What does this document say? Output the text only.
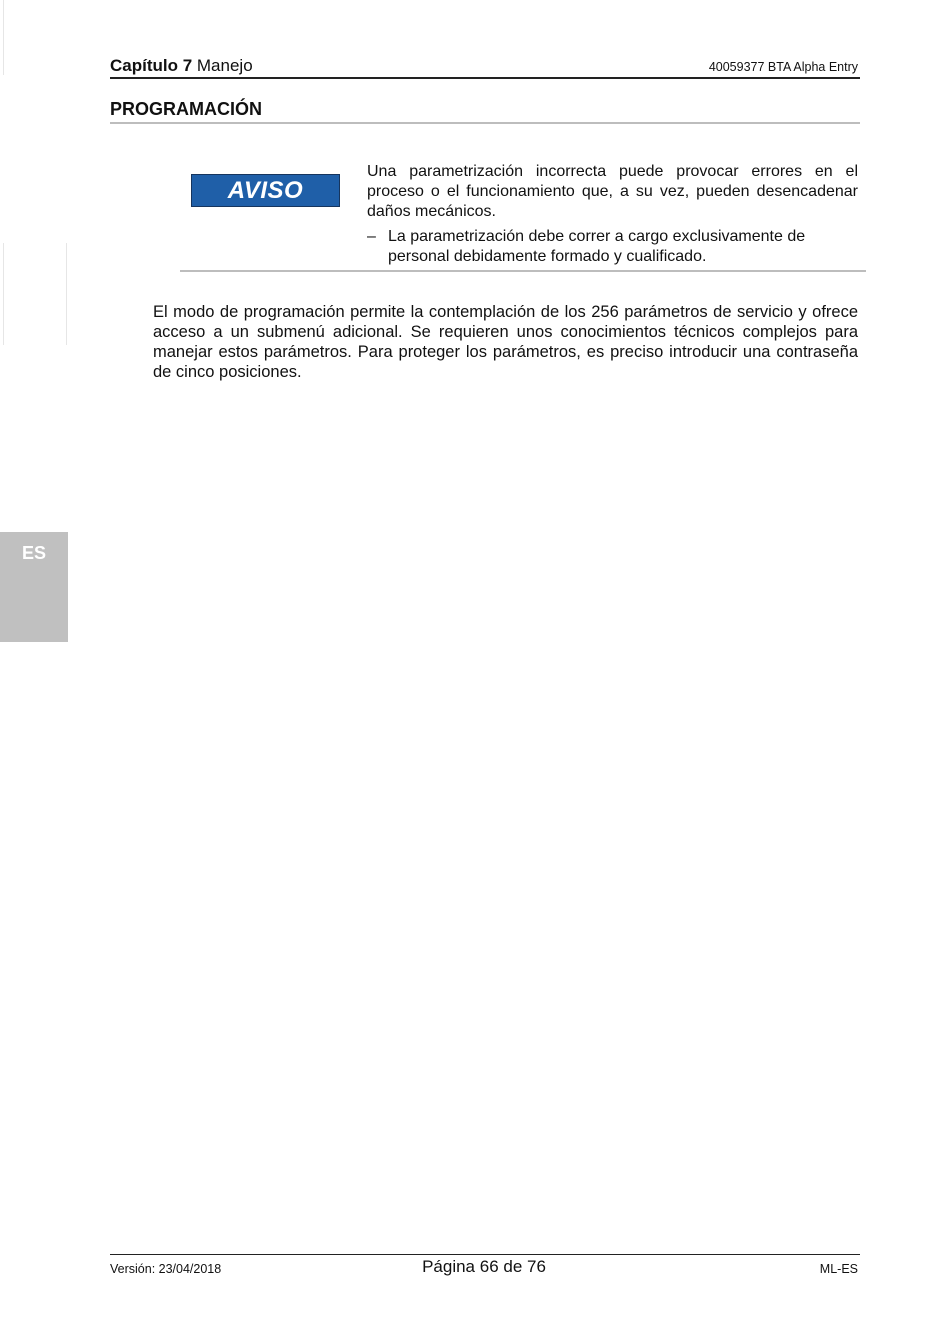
Capítulo 7 Manejo	40059377 BTA Alpha Entry
PROGRAMACIÓN
AVISO
Una parametrización incorrecta puede provocar errores en el proceso o el funcionamiento que, a su vez, pueden desencadenar daños mecánicos.
– La parametrización debe correr a cargo exclusivamente de personal debidamente formado y cualificado.
El modo de programación permite la contemplación de los 256 parámetros de servicio y ofrece acceso a un submenú adicional. Se requieren unos conocimientos técnicos complejos para manejar estos parámetros. Para proteger los parámetros, es preciso introducir una contraseña de cinco posiciones.
ES
Versión: 23/04/2018	Página 66 de 76	ML-ES
